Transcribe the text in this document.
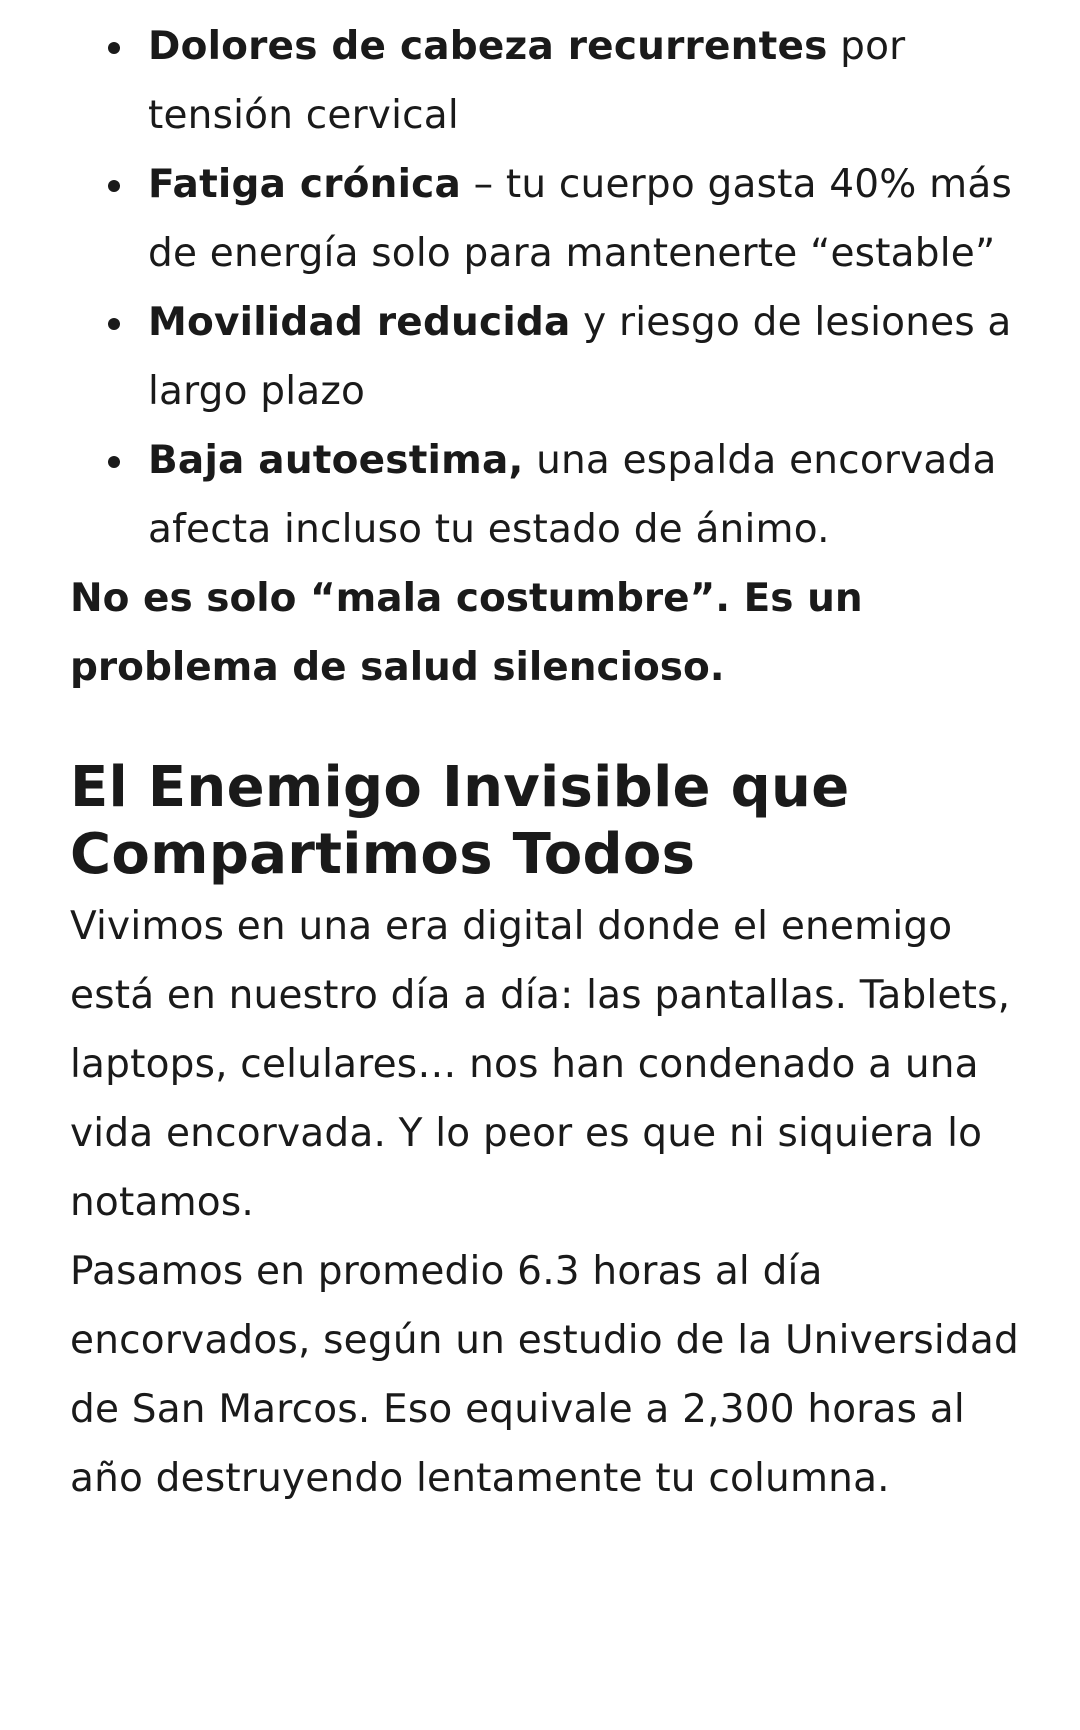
Dolores de cabeza recurrentes por tensión cervical
Fatiga crónica – tu cuerpo gasta 40% más de energía solo para mantenerte “estable”
Movilidad reducida y riesgo de lesiones a largo plazo
Baja autoestima, una espalda encorvada afecta incluso tu estado de ánimo.

No es solo “mala costumbre”. Es un problema de salud silencioso.

El Enemigo Invisible que Compartimos Todos

Vivimos en una era digital donde el enemigo está en nuestro día a día: las pantallas. Tablets, laptops, celulares… nos han condenado a una vida encorvada. Y lo peor es que ni siquiera lo notamos.

Pasamos en promedio 6.3 horas al día encorvados, según un estudio de la Universidad de San Marcos. Eso equivale a 2,300 horas al año destruyendo lentamente tu columna.
